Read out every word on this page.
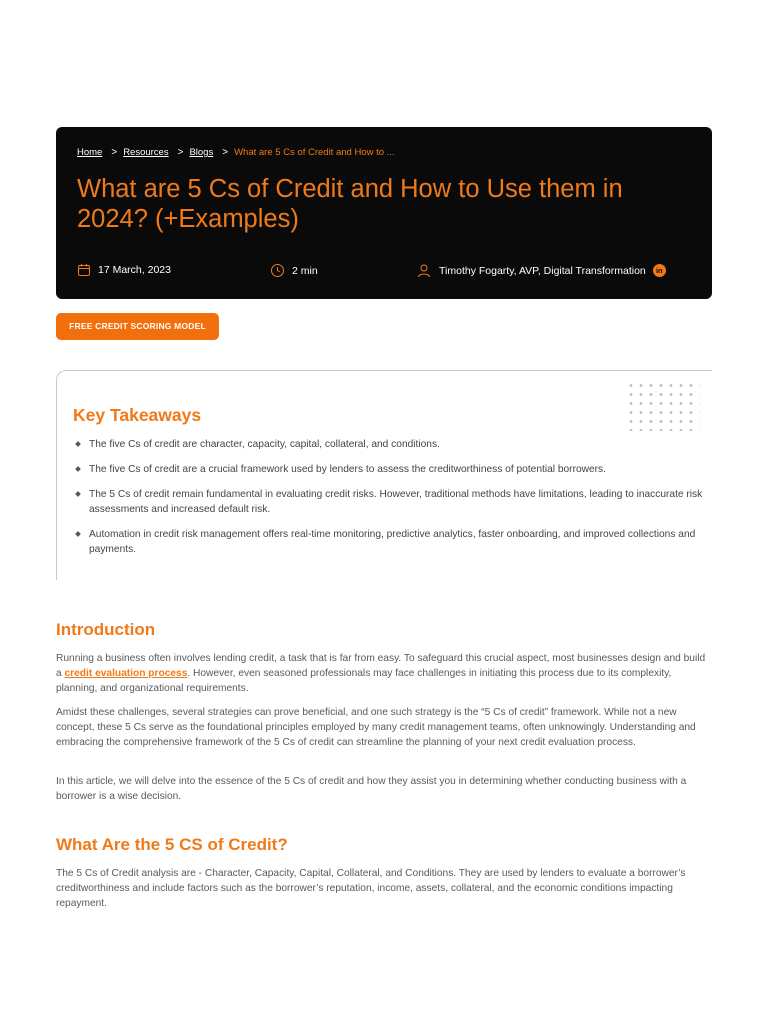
Home > Resources > Blogs > What are 5 Cs of Credit and How to ...
What are 5 Cs of Credit and How to Use them in 2024? (+Examples)
17 March, 2023	2 min	Timothy Fogarty, AVP, Digital Transformation	in
FREE CREDIT SCORING MODEL
Key Takeaways
The five Cs of credit are character, capacity, capital, collateral, and conditions.
The five Cs of credit are a crucial framework used by lenders to assess the creditworthiness of potential borrowers.
The 5 Cs of credit remain fundamental in evaluating credit risks. However, traditional methods have limitations, leading to inaccurate risk assessments and increased default risk.
Automation in credit risk management offers real-time monitoring, predictive analytics, faster onboarding, and improved collections and payments.
Introduction

Running a business often involves lending credit, a task that is far from easy. To safeguard this crucial aspect, most businesses design and build a credit evaluation process. However, even seasoned professionals may face challenges in initiating this process due to its complexity, planning, and organizational requirements.

Amidst these challenges, several strategies can prove beneficial, and one such strategy is the “5 Cs of credit” framework. While not a new concept, these 5 Cs serve as the foundational principles employed by many credit management teams, often unknowingly. Understanding and embracing the comprehensive framework of the 5 Cs of credit can streamline the planning of your next credit evaluation process.

In this article, we will delve into the essence of the 5 Cs of credit and how they assist you in determining whether conducting business with a borrower is a wise decision.

What Are the 5 CS of Credit?

The 5 Cs of Credit analysis are - Character, Capacity, Capital, Collateral, and Conditions. They are used by lenders to evaluate a borrower’s creditworthiness and include factors such as the borrower’s reputation, income, assets, collateral, and the economic conditions impacting repayment.
